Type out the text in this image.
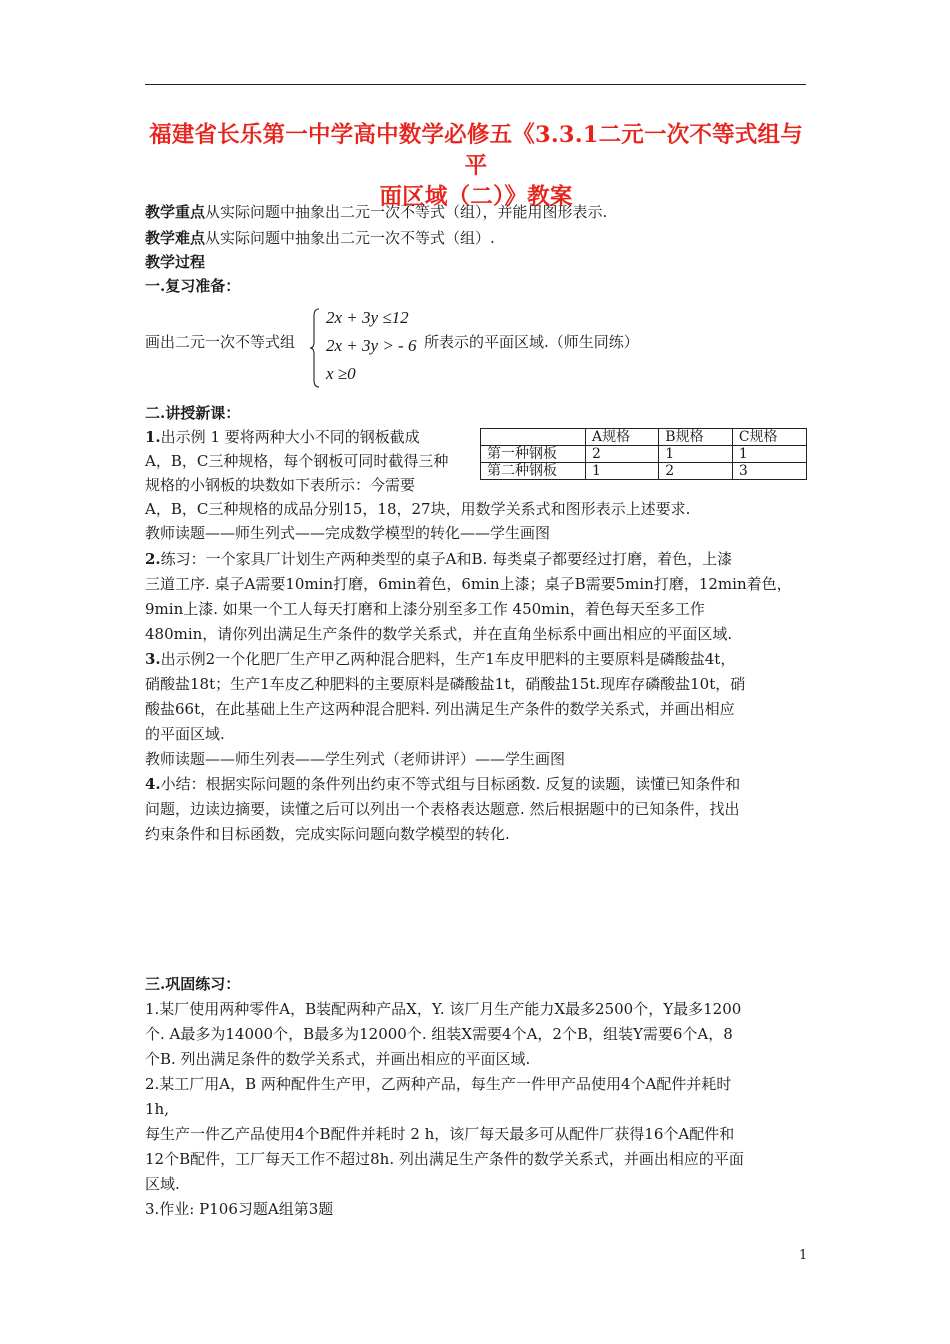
福建省长乐第一中学高中数学必修五《3.3.1二元一次不等式组与平
面区域（二）》教案
教学重点从实际问题中抽象出二元一次不等式（组），并能用图形表示.
教学难点从实际问题中抽象出二元一次不等式（组）.
教学过程
一.复习准备：
画出二元一次不等式组
2x + 3y ≤12
2x + 3y > - 6
x ≥0
所表示的平面区域.（师生同练）
二.讲授新课：
1.出示例 1 要将两种大小不同的钢板截成
A，B，C三种规格，每个钢板可同时截得三种
规格的小钢板的块数如下表所示：今需要
	A规格	B规格	C规格
第一种钢板	2	1	1
第二种钢板	1	2	3
A，B，C三种规格的成品分别15，18，27块，用数学关系式和图形表示上述要求.
教师读题——师生列式——完成数学模型的转化——学生画图
2.练习：一个家具厂计划生产两种类型的桌子A和B. 每类桌子都要经过打磨，着色，上漆
三道工序. 桌子A需要10min打磨，6min着色，6min上漆；桌子B需要5min打磨，12min着色，
9min上漆. 如果一个工人每天打磨和上漆分别至多工作 450min，着色每天至多工作
480min，请你列出满足生产条件的数学关系式，并在直角坐标系中画出相应的平面区域.
3.出示例2一个化肥厂生产甲乙两种混合肥料，生产1车皮甲肥料的主要原料是磷酸盐4t，
硝酸盐18t；生产1车皮乙种肥料的主要原料是磷酸盐1t，硝酸盐15t.现库存磷酸盐10t，硝
酸盐66t，在此基础上生产这两种混合肥料. 列出满足生产条件的数学关系式，并画出相应
的平面区域.
教师读题——师生列表——学生列式（老师讲评）——学生画图
4.小结：根据实际问题的条件列出约束不等式组与目标函数. 反复的读题，读懂已知条件和
问题，边读边摘要，读懂之后可以列出一个表格表达题意. 然后根据题中的已知条件，找出
约束条件和目标函数，完成实际问题向数学模型的转化.
三.巩固练习：
1.某厂使用两种零件A，B装配两种产品X，Y. 该厂月生产能力X最多2500个，Y最多1200
个. A最多为14000个，B最多为12000个. 组装X需要4个A，2个B，组装Y需要6个A，8
个B. 列出满足条件的数学关系式，并画出相应的平面区域.
2.某工厂用A，B 两种配件生产甲，乙两种产品，每生产一件甲产品使用4个A配件并耗时
1h,
每生产一件乙产品使用4个B配件并耗时 2 h，该厂每天最多可从配件厂获得16个A配件和
12个B配件，工厂每天工作不超过8h. 列出满足生产条件的数学关系式，并画出相应的平面
区域.
3.作业: P106习题A组第3题
1
